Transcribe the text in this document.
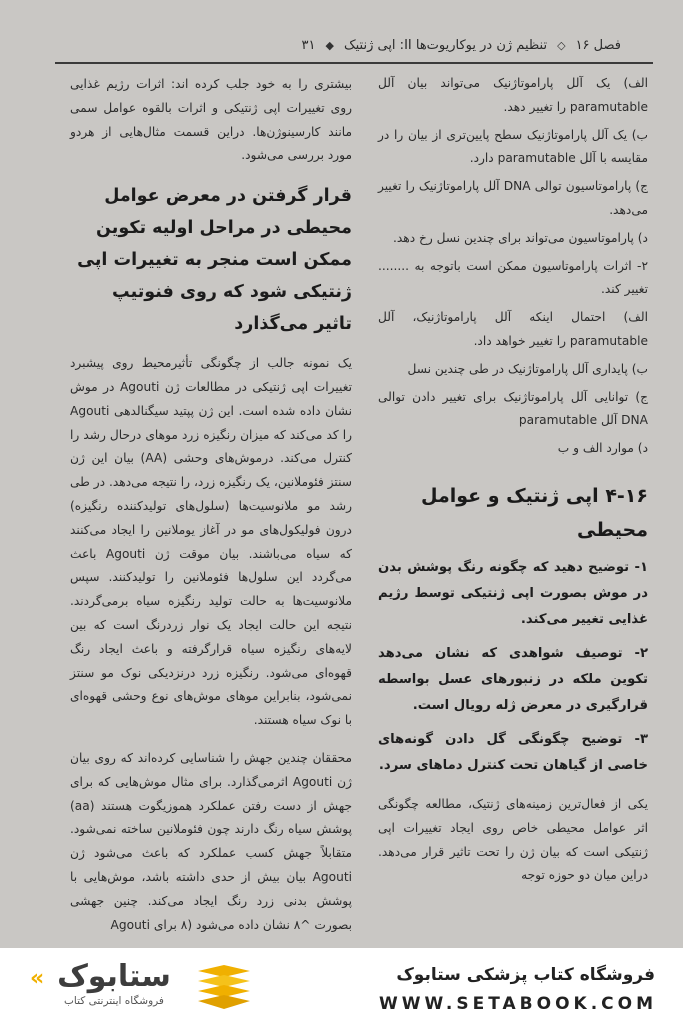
فصل ۱۶
◇
تنظیم ژن در یوکاریوت‌ها II: اپی ژنتیک
◆
۳۱

الف) یک آلل پاراموتاژنیک می‌تواند بیان آلل paramutable را تغییر دهد.

ب) یک آلل پاراموتاژنیک سطح پایین‌تری از بیان را در مقایسه با آلل paramutable دارد.

ج) پاراموتاسیون توالی DNA آلل پاراموتاژنیک را تغییر می‌دهد.

د) پاراموتاسیون می‌تواند برای چندین نسل رخ دهد.

۲- اثرات پاراموتاسیون ممکن است باتوجه به ........ تغییر کند.

الف) احتمال اینکه آلل پاراموتاژنیک، آلل paramutable را تغییر خواهد داد.

ب) پایداری آلل پاراموتاژنیک در طی چندین نسل

ج) توانایی آلل پاراموتاژنیک برای تغییر دادن توالی DNA آلل paramutable

د) موارد الف و ب

۴-۱۶ اپی ژنتیک و عوامل محیطی

۱- توضیح دهید که چگونه رنگ پوشش بدن در موش بصورت اپی ژنتیکی توسط رژیم غذایی تغییر می‌کند.

۲- توصیف شواهدی که نشان می‌دهد تکوین ملکه در زنبورهای عسل بواسطه قرارگیری در معرض ژله رویال است.

۳- توضیح چگونگی گل دادن گونه‌های خاصی از گیاهان تحت کنترل دماهای سرد.

یکی از فعال‌ترین زمینه‌های ژنتیک، مطالعه چگونگی اثر عوامل محیطی خاص روی ایجاد تغییرات اپی ژنتیکی است که بیان ژن را تحت تاثیر قرار می‌دهد. دراین میان دو حوزه توجه

بیشتری را به خود جلب کرده اند: اثرات رژیم غذایی روی تغییرات اپی ژنتیکی و اثرات بالقوه عوامل سمی مانند کارسینوژن‌ها. دراین قسمت مثال‌هایی از هردو مورد بررسی می‌شود.

قرار گرفتن در معرض عوامل محیطی در مراحل اولیه تکوین ممکن است منجر به تغییرات اپی ژنتیکی شود که روی فنوتیپ تاثیر می‌گذارد

یک نمونه جالب از چگونگی تأثیرمحیط روی پیشبرد تغییرات اپی ژنتیکی در مطالعات ژن Agouti در موش نشان داده شده است. این ژن پپتید سیگنالدهی Agouti را کد می‌کند که میزان رنگیزه زرد موهای درحال رشد را کنترل می‌کند. درموش‌های وحشی (AA) بیان این ژن سنتز فئوملانین، یک رنگیزه زرد، را نتیجه می‌دهد. در طی رشد مو ملانوسیت‌ها (سلول‌های تولیدکننده رنگیزه) درون فولیکول‌های مو در آغاز یوملانین را ایجاد می‌کنند که سیاه می‌باشند. بیان موقت ژن Agouti باعث می‌گردد این سلول‌ها فئوملانین را تولیدکنند. سپس ملانوسیت‌ها به حالت تولید رنگیزه سیاه برمی‌گردند. نتیجه این حالت ایجاد یک نوار زردرنگ است که بین لایه‌های رنگیزه سیاه قرارگرفته و باعث ایجاد رنگ قهوه‌ای می‌شود. رنگیزه زرد درنزدیکی نوک مو سنتز نمی‌شود، بنابراین موهای موش‌های نوع وحشی قهوه‌ای با نوک سیاه هستند.

محققان چندین جهش را شناسایی کرده‌اند که روی بیان ژن Agouti اثرمی‌گذارد. برای مثال موش‌هایی که برای جهش از دست رفتن عملکرد هموزیگوت هستند (aa) پوشش سیاه رنگ دارند چون فئوملانین ساخته نمی‌شود. متقابلاً جهش کسب عملکرد که باعث می‌شود ژن Agouti بیان بیش از حدی داشته باشد، موش‌هایی با پوشش بدنی زرد رنگ ایجاد می‌کند. چنین جهشی بصورت ^۸ نشان داده می‌شود (۸ برای Agouti

« ستابوک
فروشگاه اینترنتی کتاب
فروشگاه کتاب پزشکی ستابوک
WWW.SETABOOK.COM
